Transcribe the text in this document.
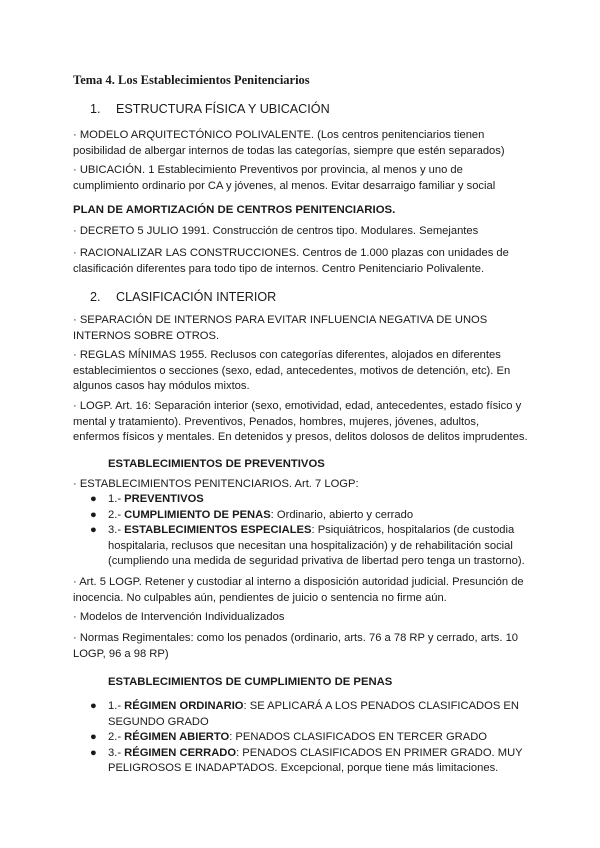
Tema 4. Los Establecimientos Penitenciarios
1. ESTRUCTURA FÍSICA Y UBICACIÓN

· MODELO ARQUITECTÓNICO POLIVALENTE. (Los centros penitenciarios tienen posibilidad de albergar internos de todas las categorías, siempre que estén separados)

· UBICACIÓN. 1 Establecimiento Preventivos por provincia, al menos y uno de cumplimiento ordinario por CA y jóvenes, al menos. Evitar desarraigo familiar y social

PLAN DE AMORTIZACIÓN DE CENTROS PENITENCIARIOS.

· DECRETO 5 JULIO 1991. Construcción de centros tipo. Modulares. Semejantes

· RACIONALIZAR LAS CONSTRUCCIONES. Centros de 1.000 plazas con unidades de clasificación diferentes para todo tipo de internos. Centro Penitenciario Polivalente.

2. CLASIFICACIÓN INTERIOR

· SEPARACIÓN DE INTERNOS PARA EVITAR INFLUENCIA NEGATIVA DE UNOS INTERNOS SOBRE OTROS.

· REGLAS MÍNIMAS 1955. Reclusos con categorías diferentes, alojados en diferentes establecimientos o secciones (sexo, edad, antecedentes, motivos de detención, etc). En algunos casos hay módulos mixtos.

· LOGP. Art. 16: Separación interior (sexo, emotividad, edad, antecedentes, estado físico y mental y tratamiento). Preventivos, Penados, hombres, mujeres, jóvenes, adultos, enfermos físicos y mentales. En detenidos y presos, delitos dolosos de delitos imprudentes.

ESTABLECIMIENTOS DE PREVENTIVOS

· ESTABLECIMIENTOS PENITENCIARIOS. Art. 7 LOGP:

● 1.- PREVENTIVOS
● 2.- CUMPLIMIENTO DE PENAS: Ordinario, abierto y cerrado
● 3.- ESTABLECIMIENTOS ESPECIALES: Psiquiátricos, hospitalarios (de custodia hospitalaria, reclusos que necesitan una hospitalización) y de rehabilitación social (cumpliendo una medida de seguridad privativa de libertad pero tenga un trastorno).

· Art. 5 LOGP. Retener y custodiar al interno a disposición autoridad judicial. Presunción de inocencia. No culpables aún, pendientes de juicio o sentencia no firme aún.

· Modelos de Intervención Individualizados

· Normas Regimentales: como los penados (ordinario, arts. 76 a 78 RP y cerrado, arts. 10 LOGP, 96 a 98 RP)

ESTABLECIMIENTOS DE CUMPLIMIENTO DE PENAS
● 1.- RÉGIMEN ORDINARIO: SE APLICARÁ A LOS PENADOS CLASIFICADOS EN SEGUNDO GRADO
● 2.- RÉGIMEN ABIERTO: PENADOS CLASIFICADOS EN TERCER GRADO
● 3.- RÉGIMEN CERRADO: PENADOS CLASIFICADOS EN PRIMER GRADO. MUY PELIGROSOS E INADAPTADOS. Excepcional, porque tiene más limitaciones.
